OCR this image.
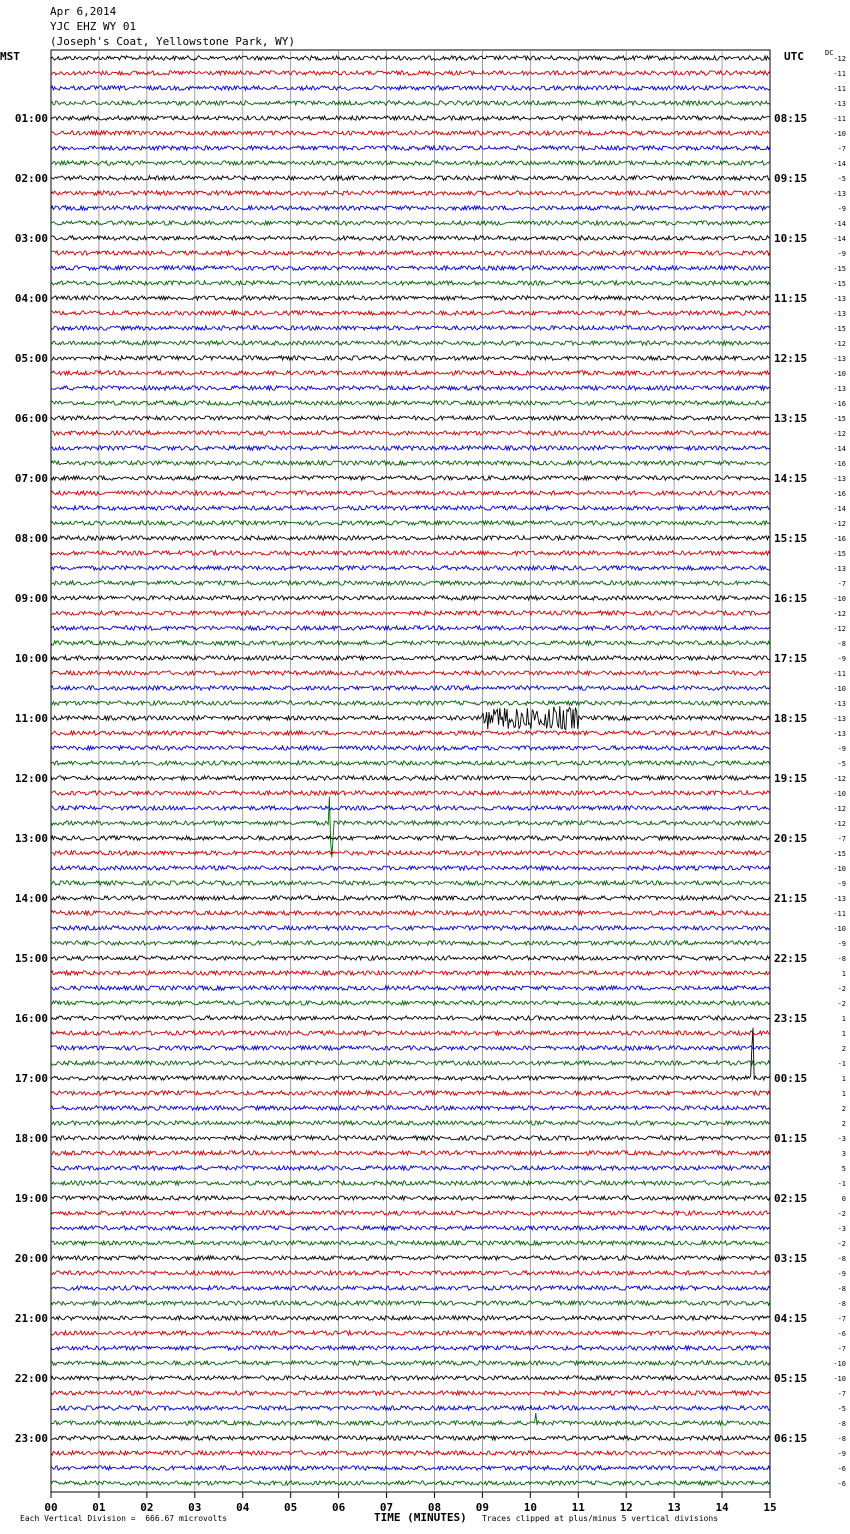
Apr 6,2014
YJC EHZ WY 01
(Joseph's Coat, Yellowstone Park, WY)
MST	UTC	DC
00	01	02	03	04	05	06	07	08	09	10	11	12	13	14	15
-12
-11
-11
-13
-11
-10
-7
-14
-5
-13
-9
-14
-14
-9
-15
-15
-13
-13
-15
-12
-13
-10
-13
-16
-15
-12
-14
-16
-13
-16
-14
-12
-16
-15
-13
-7
-10
-12
-12
-8
-9
-11
-10
-13
-13
-13
-9
-5
-12
-10
-12
-12
-7
-15
-10
-9
-13
-11
-10
-9
-8
1
-2
-2
1
1
2
-1
1
1
2
2
-3
3
5
-1
0
-2
-3
-2
-8
-9
-8
-8
-7
-6
-7
-10
-10
-7
-5
-8
-8
-9
-6
-6
01:00
02:00
03:00
04:00
05:00
06:00
07:00
08:00
09:00
10:00
11:00
12:00
13:00
14:00
15:00
16:00
17:00
18:00
19:00
20:00
21:00
22:00
23:00
08:15
09:15
10:15
11:15
12:15
13:15
14:15
15:15
16:15
17:15
18:15
19:15
20:15
21:15
22:15
23:15
00:15
01:15
02:15
03:15
04:15
05:15
06:15
Each Vertical Division =  666.67 microvolts	TIME (MINUTES) Traces clipped at plus/minus 5 vertical divisions
